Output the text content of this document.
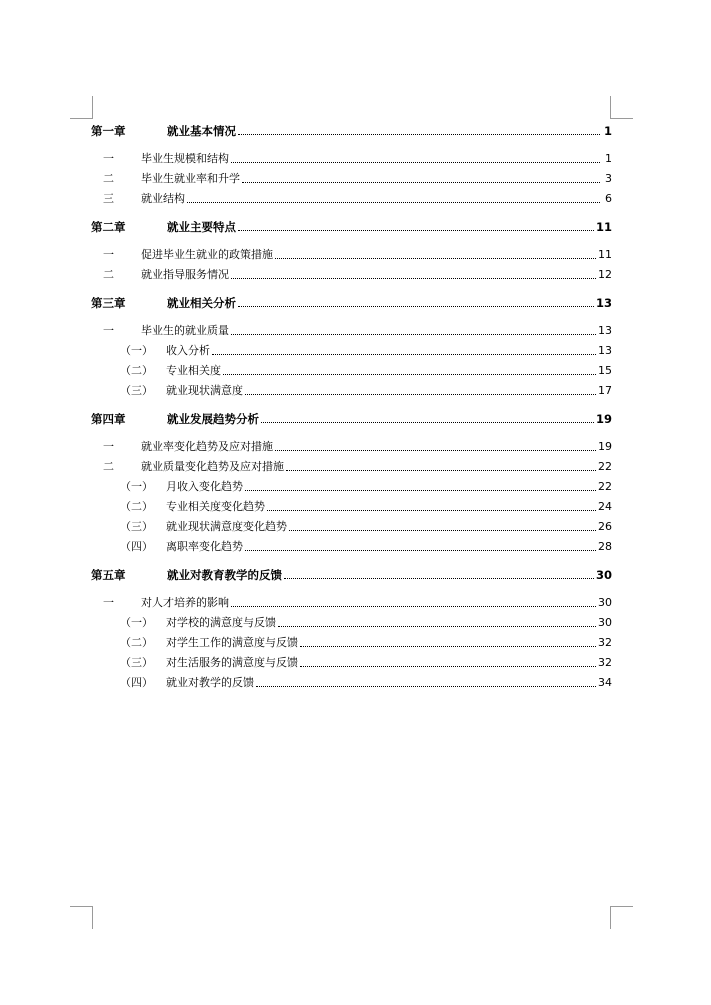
第一章	就业基本情况	1
一	毕业生规模和结构	1
二	毕业生就业率和升学	3
三	就业结构	6
第二章	就业主要特点	11
一	促进毕业生就业的政策措施	11
二	就业指导服务情况	12
第三章	就业相关分析	13
一	毕业生的就业质量	13
（一）	收入分析	13
（二）	专业相关度	15
（三）	就业现状满意度	17
第四章	就业发展趋势分析	19
一	就业率变化趋势及应对措施	19
二	就业质量变化趋势及应对措施	22
（一）	月收入变化趋势	22
（二）	专业相关度变化趋势	24
（三）	就业现状满意度变化趋势	26
（四）	离职率变化趋势	28
第五章	就业对教育教学的反馈	30
一	对人才培养的影响	30
（一）	对学校的满意度与反馈	30
（二）	对学生工作的满意度与反馈	32
（三）	对生活服务的满意度与反馈	32
（四）	就业对教学的反馈	34
